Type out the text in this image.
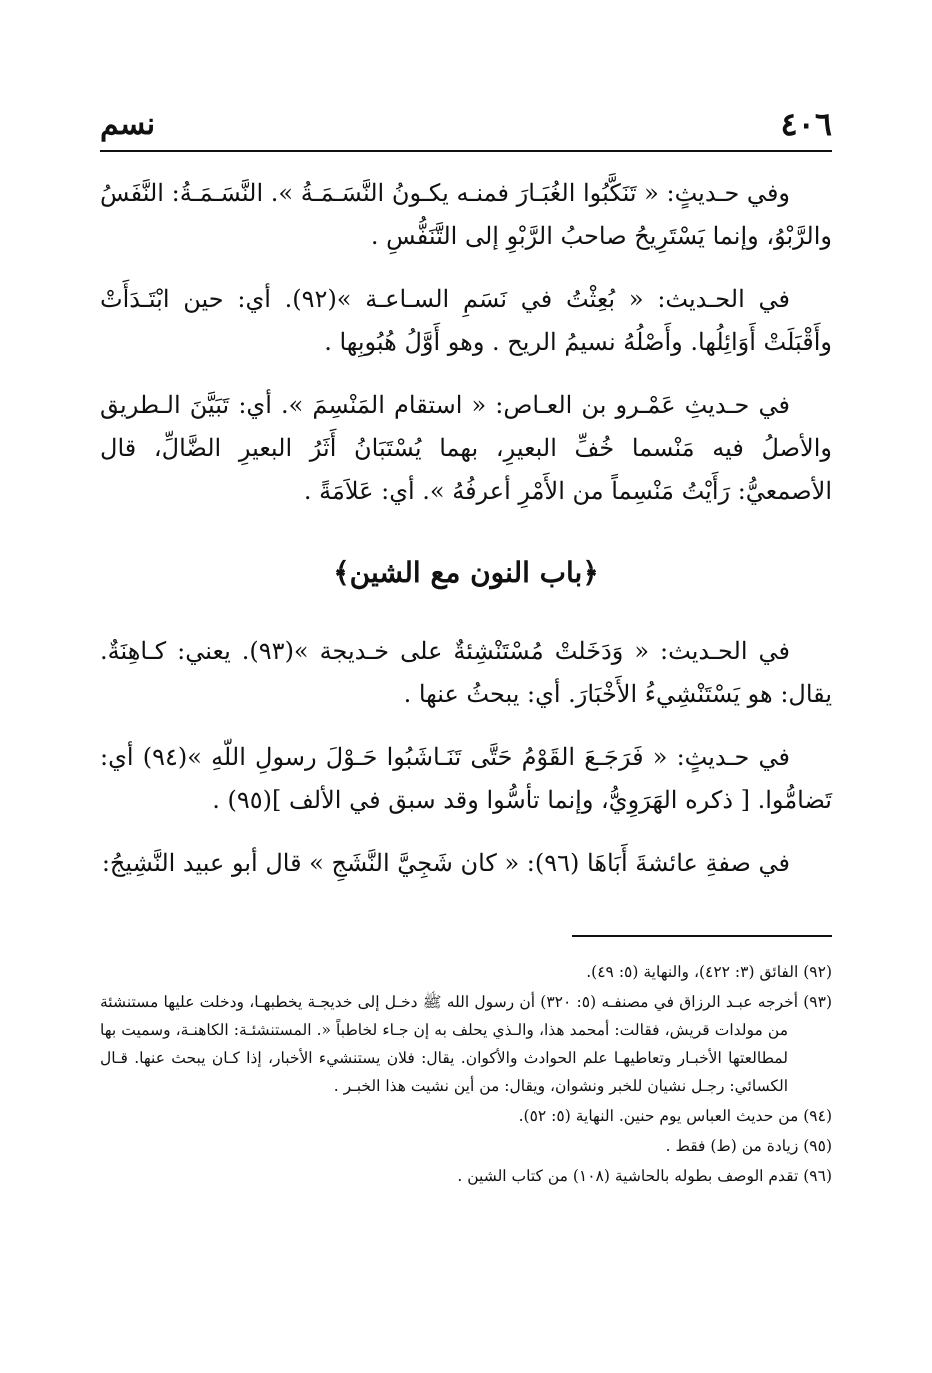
٤٠٦
نسم

وفي حـديثٍ: « تَنَكَّبُوا الغُبَـارَ فمنـه يكـونُ النَّسَـمَـةُ ». النَّسَـمَـةُ: النَّفَسُ والرَّبْوُ، وإنما يَسْتَرِيحُ صاحبُ الرَّبْوِ إلى التَّنَفُّسِ .

في الحـديث: « بُعِثْتُ في نَسَمِ السـاعـة »(٩٢). أي: حين ابْتَـدَأَتْ وأَقْبَلَتْ أَوَائِلُها. وأَصْلُهُ نسيمُ الريح . وهو أَوَّلُ هُبُوبِها .

في حـديثِ عَمْـرو بن العـاص: « استقام المَنْسِمَ ». أي: تَبَيَّنَ الـطريق والأصلُ فيه مَنْسما خُفِّ البعيرِ، بهما يُسْتَبَانُ أَثَرُ البعيرِ الضَّالِّ، قال الأصمعيُّ: رَأَيْتُ مَنْسِماً من الأَمْرِ أعرفُهُ ». أي: عَلاَمَةً .

﴿باب النون مع الشين﴾

في الحـديث: « وَدَخَلتْ مُسْتَنْشِئةٌ على خـديجة »(٩٣). يعني: كـاهِنَةٌ. يقال: هو يَسْتَنْشِيءُ الأَخْبَارَ. أي: يبحثُ عنها .

في حـديثٍ: « فَرَجَـعَ القَوْمُ حَتَّى تَنَـاشَبُوا حَـوْلَ رسولِ اللّهِ »(٩٤) أي: تَضامُّوا. [ ذكره الهَرَوِيُّ، وإنما تأسُّوا وقد سبق في الألف ](٩٥) .

في صفةِ عائشةَ أَبَاهَا (٩٦): « كان شَجِيَّ النَّشَجِ » قال أبو عبيد النَّشِيجُ:

(٩٢) الفائق (٣: ٤٢٢)، والنهاية (٥: ٤٩).

(٩٣) أخرجه عبـد الرزاق في مصنفـه (٥: ٣٢٠) أن رسول الله ﷺ دخـل إلى خديجـة يخطبهـا، ودخلت عليها مستنشئة من مولدات قريش، فقالت: أمحمد هذا، والـذي يحلف به إن جـاء لخاطباً «. المستنشئـة: الكاهنـة، وسميت بها لمطالعتها الأخبـار وتعاطيهـا علم الحوادث والأكوان. يقال: فلان يستنشيء الأخبار، إذا كـان يبحث عنها. قـال الكسائي: رجـل نشيان للخبر ونشوان، ويقال: من أين نشيت هذا الخبـر .

(٩٤) من حديث العباس يوم حنين. النهاية (٥: ٥٢).

(٩٥) زيادة من (ط) فقط .

(٩٦) تقدم الوصف بطوله بالحاشية (١٠٨) من كتاب الشين .
